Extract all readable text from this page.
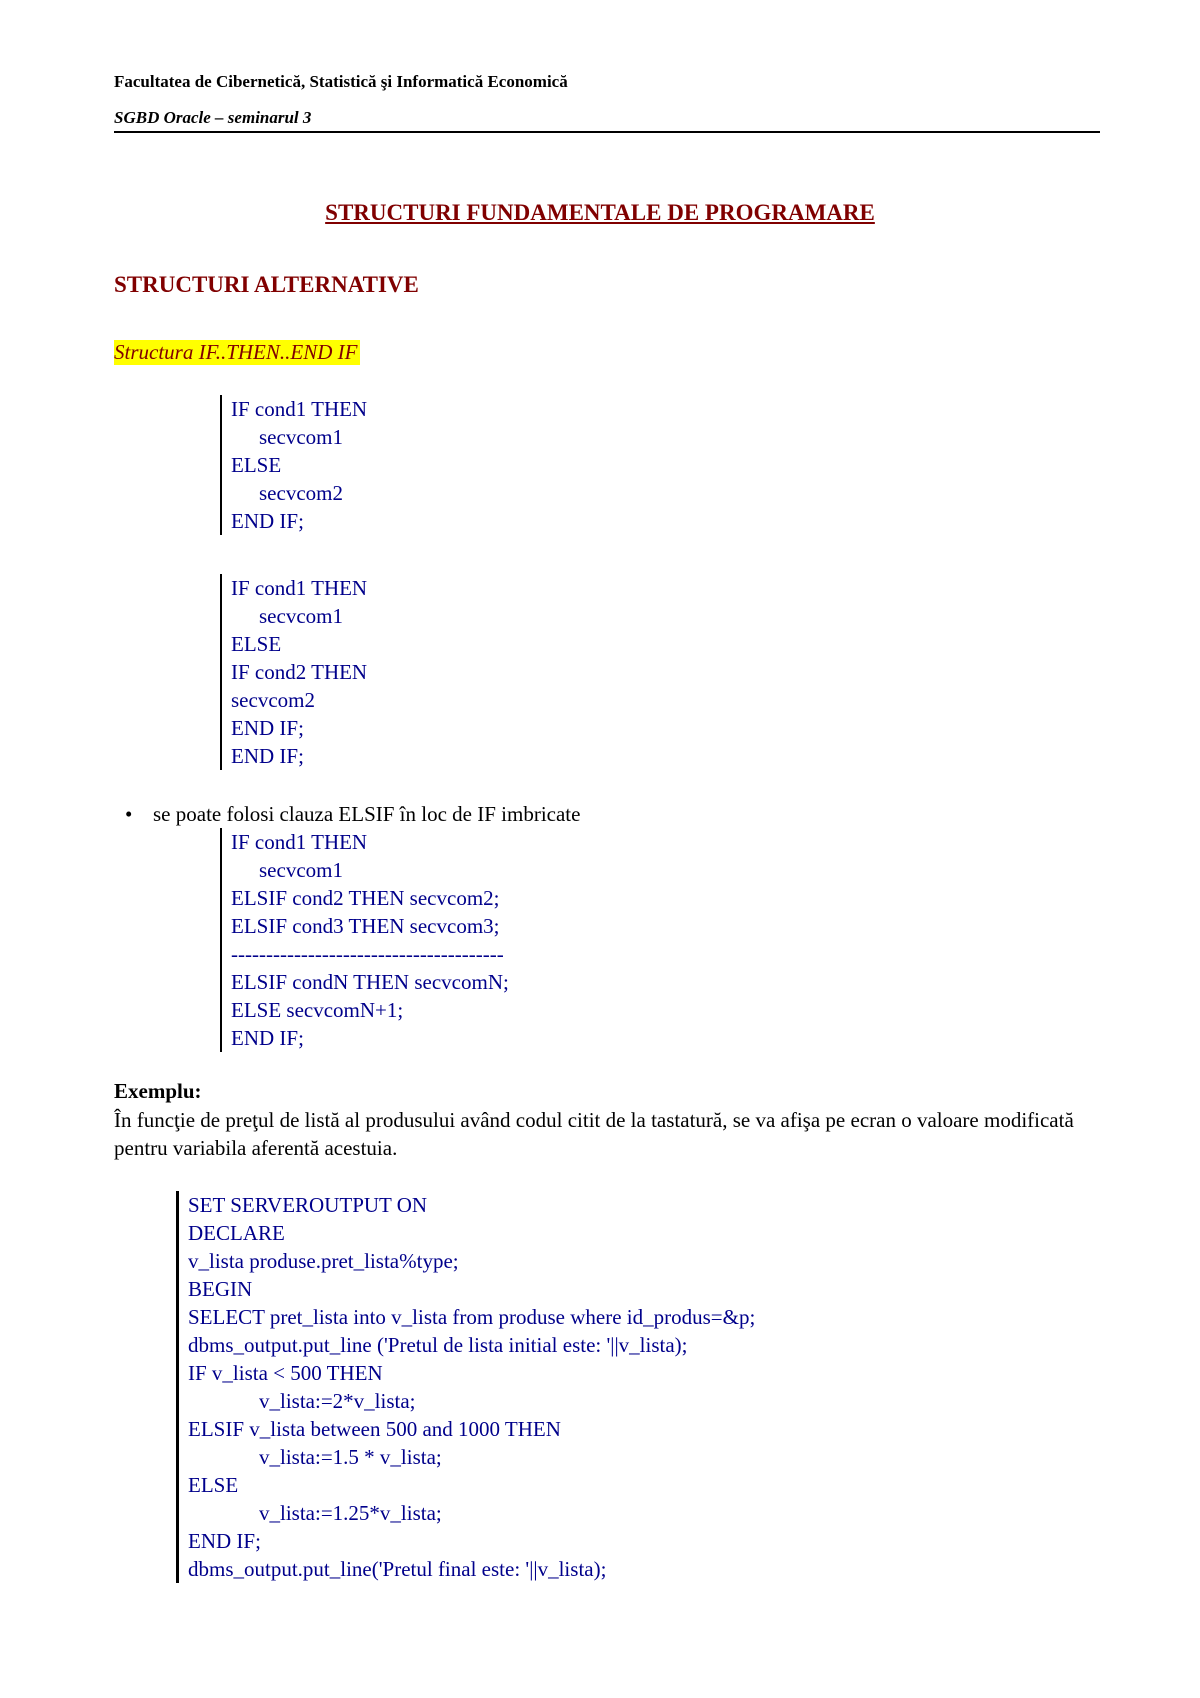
Facultatea de Cibernetică, Statistică şi Informatică Economică
SGBD Oracle – seminarul 3
STRUCTURI FUNDAMENTALE DE PROGRAMARE
STRUCTURI ALTERNATIVE
Structura IF..THEN..END IF
IF cond1 THEN
secvcom1
ELSE
secvcom2
END IF;
IF cond1 THEN
secvcom1
ELSE
IF cond2 THEN
secvcom2
END IF;
END IF;
• se poate folosi clauza ELSIF în loc de IF imbricate
IF cond1 THEN
secvcom1
ELSIF cond2 THEN secvcom2;
ELSIF cond3 THEN secvcom3;
---------------------------------------
ELSIF condN THEN secvcomN;
ELSE secvcomN+1;
END IF;
Exemplu:
În funcţie de preţul de listă al produsului având codul citit de la tastatură, se va afişa pe ecran o valoare modificată pentru variabila aferentă acestuia.
SET SERVEROUTPUT ON
DECLARE
v_lista produse.pret_lista%type;
BEGIN
SELECT pret_lista into v_lista from produse where id_produs=&p;
dbms_output.put_line ('Pretul de lista initial este: '||v_lista);
IF v_lista < 500 THEN
v_lista:=2*v_lista;
ELSIF v_lista between 500 and 1000 THEN
v_lista:=1.5 * v_lista;
ELSE
v_lista:=1.25*v_lista;
END IF;
dbms_output.put_line('Pretul final este: '||v_lista);
